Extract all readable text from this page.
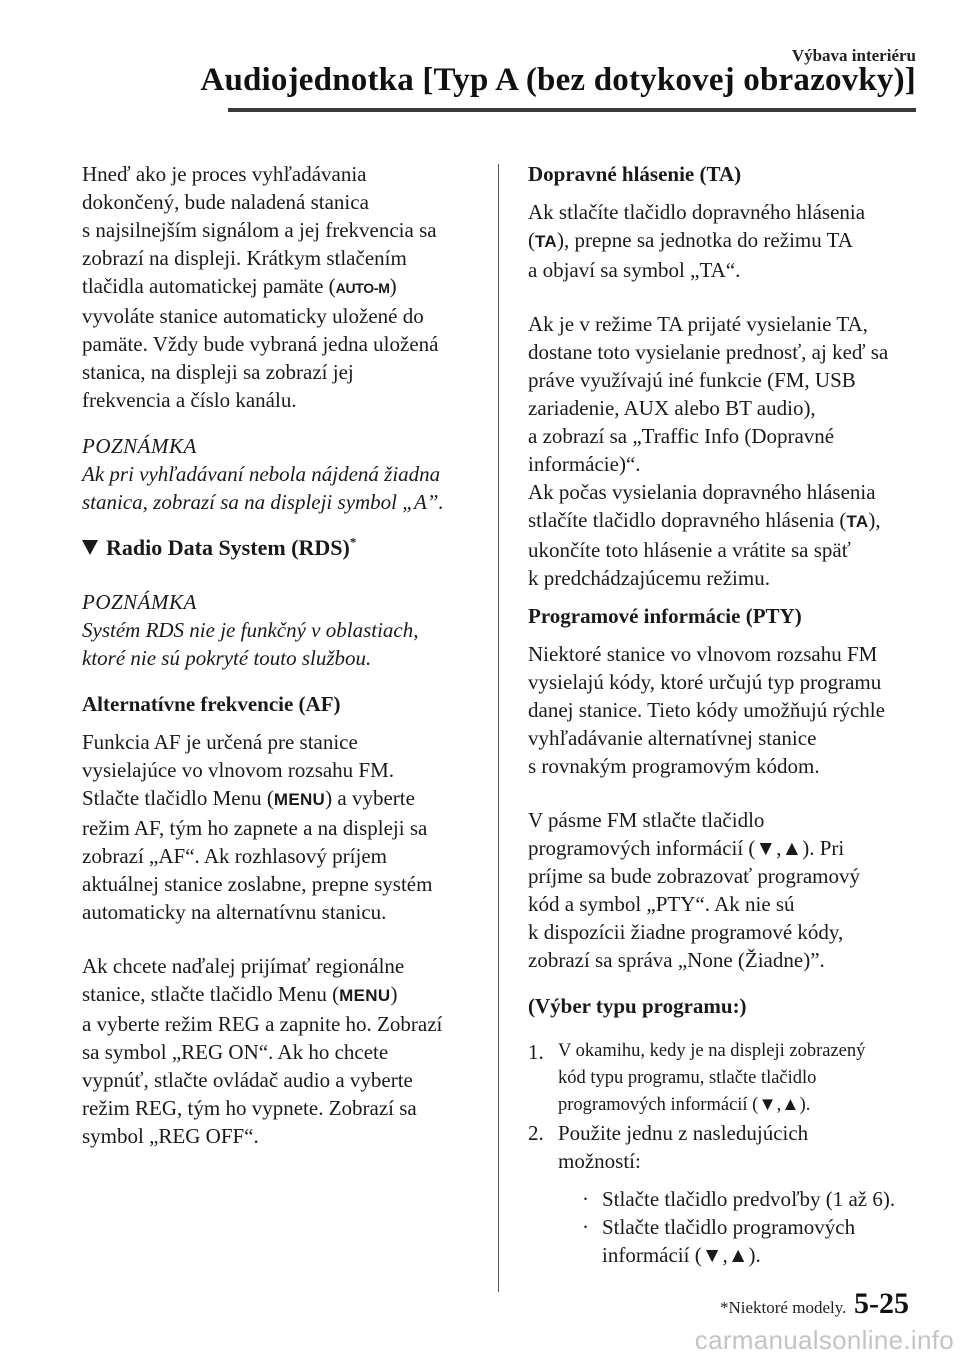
Výbava interiéru
Audiojednotka [Typ A (bez dotykovej obrazovky)]

Hneď ako je proces vyhľadávania
dokončený, bude naladená stanica
s najsilnejším signálom a jej frekvencia sa
zobrazí na displeji. Krátkym stlačením
tlačidla automatickej pamäte (AUTO-M)
vyvoláte stanice automaticky uložené do
pamäte. Vždy bude vybraná jedna uložená
stanica, na displeji sa zobrazí jej
frekvencia a číslo kanálu.

POZNÁMKA

Ak pri vyhľadávaní nebola nájdená žiadna
stanica, zobrazí sa na displeji symbol „A”.

Radio Data System (RDS)*

POZNÁMKA

Systém RDS nie je funkčný v oblastiach,
ktoré nie sú pokryté touto službou.

Alternatívne frekvencie (AF)

Funkcia AF je určená pre stanice
vysielajúce vo vlnovom rozsahu FM.
Stlačte tlačidlo Menu (MENU) a vyberte
režim AF, tým ho zapnete a na displeji sa
zobrazí „AF“. Ak rozhlasový príjem
aktuálnej stanice zoslabne, prepne systém
automaticky na alternatívnu stanicu.

Ak chcete naďalej prijímať regionálne
stanice, stlačte tlačidlo Menu (MENU)
a vyberte režim REG a zapnite ho. Zobrazí
sa symbol „REG ON“. Ak ho chcete
vypnúť, stlačte ovládač audio a vyberte
režim REG, tým ho vypnete. Zobrazí sa
symbol „REG OFF“.

Dopravné hlásenie (TA)

Ak stlačíte tlačidlo dopravného hlásenia
(TA), prepne sa jednotka do režimu TA
a objaví sa symbol „TA“.

Ak je v režime TA prijaté vysielanie TA,
dostane toto vysielanie prednosť, aj keď sa
práve využívajú iné funkcie (FM, USB
zariadenie, AUX alebo BT audio),
a zobrazí sa „Traffic Info (Dopravné
informácie)“.
Ak počas vysielania dopravného hlásenia
stlačíte tlačidlo dopravného hlásenia (TA),
ukončíte toto hlásenie a vrátite sa späť
k predchádzajúcemu režimu.

Programové informácie (PTY)

Niektoré stanice vo vlnovom rozsahu FM
vysielajú kódy, ktoré určujú typ programu
danej stanice. Tieto kódy umožňujú rýchle
vyhľadávanie alternatívnej stanice
s rovnakým programovým kódom.

V pásme FM stlačte tlačidlo
programových informácií (▼,▲). Pri
príjme sa bude zobrazovať programový
kód a symbol „PTY“. Ak nie sú
k dispozícii žiadne programové kódy,
zobrazí sa správa „None (Žiadne)”.

(Výber typu programu:)

1. V okamihu, kedy je na displeji zobrazený
kód typu programu, stlačte tlačidlo
programových informácií (▼,▲).
2. Použite jednu z nasledujúcich
možností:
· Stlačte tlačidlo predvoľby (1 až 6).
· Stlačte tlačidlo programových
informácií (▼,▲).
*Niektoré modely. 5-25
carmanualsonline.info
